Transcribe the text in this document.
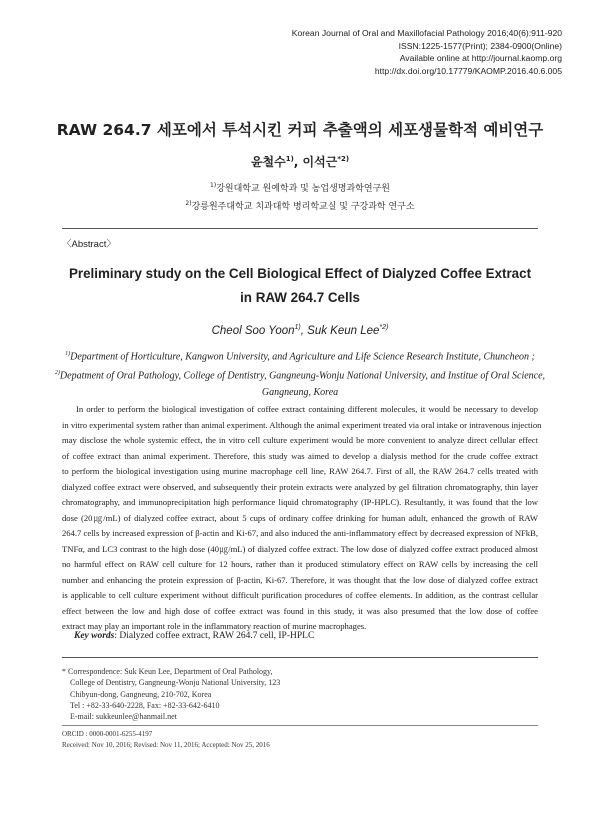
Korean Journal of Oral and Maxillofacial Pathology 2016;40(6):911-920
ISSN:1225-1577(Print); 2384-0900(Online)
Available online at http://journal.kaomp.org
http://dx.doi.org/10.17779/KAOMP.2016.40.6.005
RAW 264.7 세포에서 투석시킨 커피 추출액의 세포생물학적 예비연구
윤철수$^{1)}$, 이석근$^{*2)}$
$^{1)}$강원대학교 원예학과 및 농업생명과학연구원
$^{2)}$강릉원주대학교 치과대학 병리학교실 및 구강과학 연구소
〈Abstract〉
Preliminary study on the Cell Biological Effect of Dialyzed Coffee Extract
in RAW 264.7 Cells
Cheol Soo Yoon$^{1)}$, Suk Keun Lee$^{*2)}$
$^{1)}$Department of Horticulture, Kangwon University, and Agriculture and Life Science Research Institute, Chuncheon ;
$^{2)}$Depatment of Oral Pathology, College of Dentistry, Gangneung-Wonju National University, and Institue of Oral Science,
Gangneung, Korea
In order to perform the biological investigation of coffee extract containing different molecules, it would be necessary to develop
in vitro experimental system rather than animal experiment. Although the animal experiment treated via oral intake or intravenous injection
may disclose the whole systemic effect, the in vitro cell culture experiment would be more convenient to analyze direct cellular effect
of coffee extract than animal experiment. Therefore, this study was aimed to develop a dialysis method for the crude coffee extract
to perform the biological investigation using murine macrophage cell line, RAW 264.7. First of all, the RAW 264.7 cells treated with
dialyzed coffee extract were observed, and subsequently their protein extracts were analyzed by gel filtration chromatography, thin layer
chromatography, and immunoprecipitation high performance liquid chromatography (IP-HPLC). Resultantly, it was found that the low
dose (20㎍/mL) of dialyzed coffee extract, about 5 cups of ordinary coffee drinking for human adult, enhanced the growth of RAW
264.7 cells by increased expression of β-actin and Ki-67, and also induced the anti-inflammatory effect by decreased expression of NFkB,
TNFα, and LC3 contrast to the high dose (40㎍/mL) of dialyzed coffee extract. The low dose of dialyzed coffee extract produced almost
no harmful effect on RAW cell culture for 12 hours, rather than it produced stimulatory effect on RAW cells by increasing the cell
number and enhancing the protein expression of β-actin, Ki-67. Therefore, it was thought that the low dose of dialyzed coffee extract
is applicable to cell culture experiment without difficult purification procedures of coffee elements. In addition, as the contrast cellular
effect between the low and high dose of coffee extract was found in this study, it was also presumed that the low dose of coffee
extract may play an important role in the inflammatory reaction of murine macrophages.
Key words: Dialyzed coffee extract, RAW 264.7 cell, IP-HPLC
* Correspondence: Suk Keun Lee, Department of Oral Pathology,
College of Dentistry, Gangneung-Wonju National University, 123
Chibyun-dong, Gangneung, 210-702, Korea
Tel : +82-33-640-2228, Fax: +82-33-642-6410
E-mail: sukkeunlee@hanmail.net
ORCID : 0000-0001-6255-4197
Received: Nov 10, 2016; Revised: Nov 11, 2016; Accepted: Nov 25, 2016
